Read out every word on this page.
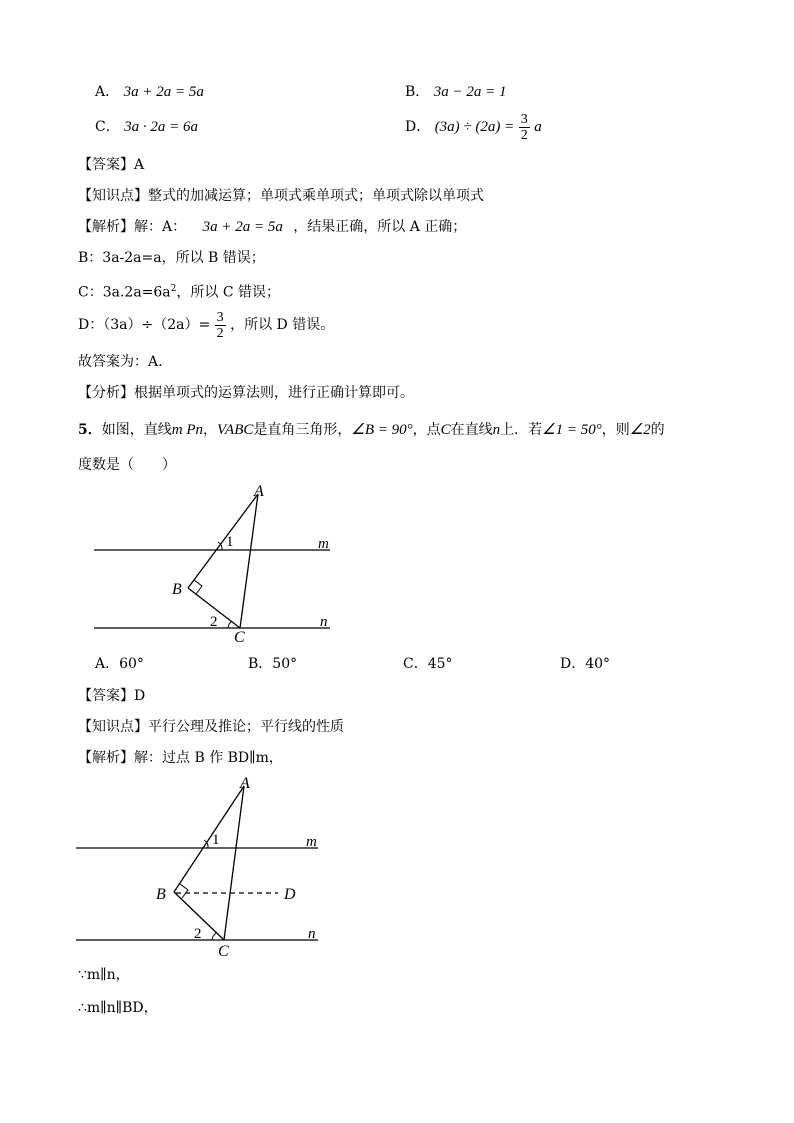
A． 3a + 2a = 5a	B． 3a − 2a = 1
C． 3a · 2a = 6a	D． $(3a) \div (2a) = \frac{3}{2}$ a
【答案】A
【知识点】整式的加减运算；单项式乘单项式；单项式除以单项式
【解析】解：A： 3a + 2a = 5a ，结果正确，所以 A 正确；
B：3a-2a=a，所以 B 错误；
C：$3a.2a=6a^2$，所以 C 错误；
D：$(3a)\div(2a)= \frac{3}{2}$ ，所以 D 错误。
故答案为：A.
【分析】根据单项式的运算法则，进行正确计算即可。
5．如图，直线m Pn，VABC是直角三角形，∠B = 90°，点C在直线n上．若∠1 = 50°，则∠2的
度数是（　　）
A
B
C
m
n
1
2
A．60°	B．50°	C．45°	D．40°
【答案】D
【知识点】平行公理及推论；平行线的性质
【解析】解：过点 B 作 BD∥m，
A
B
C
D
m
n
1
2
∵m∥n，
∴m∥n∥BD，
